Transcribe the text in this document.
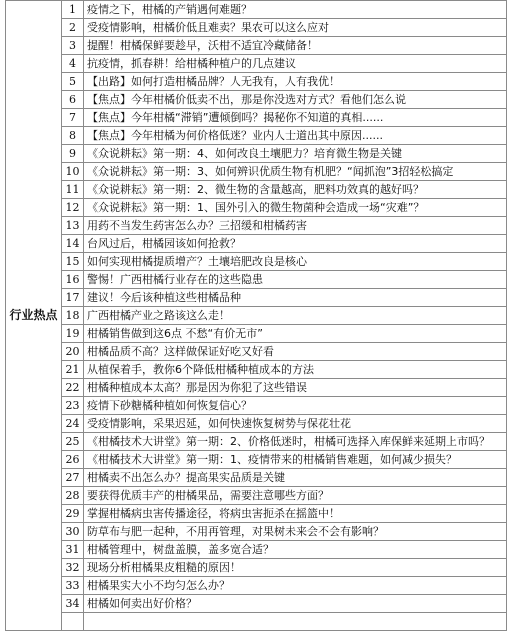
行业热点	1	疫情之下，柑橘的产销遇何难题？
	2	受疫情影响，柑橘价低且难卖？果农可以这么应对
	3	提醒！柑橘保鲜要趁早，沃柑不适宜冷藏储备！
	4	抗疫情，抓春耕！给柑橘种植户的几点建议
	5	【出路】如何打造柑橘品牌？人无我有，人有我优！
	6	【焦点】今年柑橘价低卖不出，那是你没选对方式？看他们怎么说
	7	【焦点】今年柑橘“滞销”遭倾倒吗？揭秘你不知道的真相......
	8	【焦点】今年柑橘为何价格低迷？业内人士道出其中原因......
	9	《众说耕耘》第一期：4、如何改良土壤肥力？培育微生物是关键
	10	《众说耕耘》第一期：3、如何辨识优质生物有机肥？“闻抓泡”3招轻松搞定
	11	《众说耕耘》第一期：2、微生物的含量越高，肥料功效真的越好吗？
	12	《众说耕耘》第一期：1、国外引入的微生物菌种会造成一场“灾难”？
	13	用药不当发生药害怎么办？三招缓和柑橘药害
	14	台风过后，柑橘园该如何抢救？
	15	如何实现柑橘提质增产？土壤培肥改良是核心
	16	警惕！广西柑橘行业存在的这些隐患
	17	建议！今后该种植这些柑橘品种
	18	广西柑橘产业之路该这么走！
	19	柑橘销售做到这6点 不愁“有价无市”
	20	柑橘品质不高？这样做保证好吃又好看
	21	从植保着手，教你6个降低柑橘种植成本的方法
	22	柑橘种植成本太高？那是因为你犯了这些错误
	23	疫情下砂糖橘种植如何恢复信心？
	24	受疫情影响，采果迟延，如何快速恢复树势与保花壮花
	25	《柑橘技术大讲堂》第一期：2、价格低迷时，柑橘可选择入库保鲜来延期上市吗？
	26	《柑橘技术大讲堂》第一期：1、疫情带来的柑橘销售难题，如何减少损失？
	27	柑橘卖不出怎么办？提高果实品质是关键
	28	要获得优质丰产的柑橘果品，需要注意哪些方面？
	29	掌握柑橘病虫害传播途径，将病虫害扼杀在摇篮中！
	30	防草布与肥一起种，不用再管理，对果树未来会不会有影响？
	31	柑橘管理中，树盘盖膜，盖多宽合适？
	32	现场分析柑橘果皮粗糙的原因！
	33	柑橘果实大小不均匀怎么办？
	34	柑橘如何卖出好价格？
